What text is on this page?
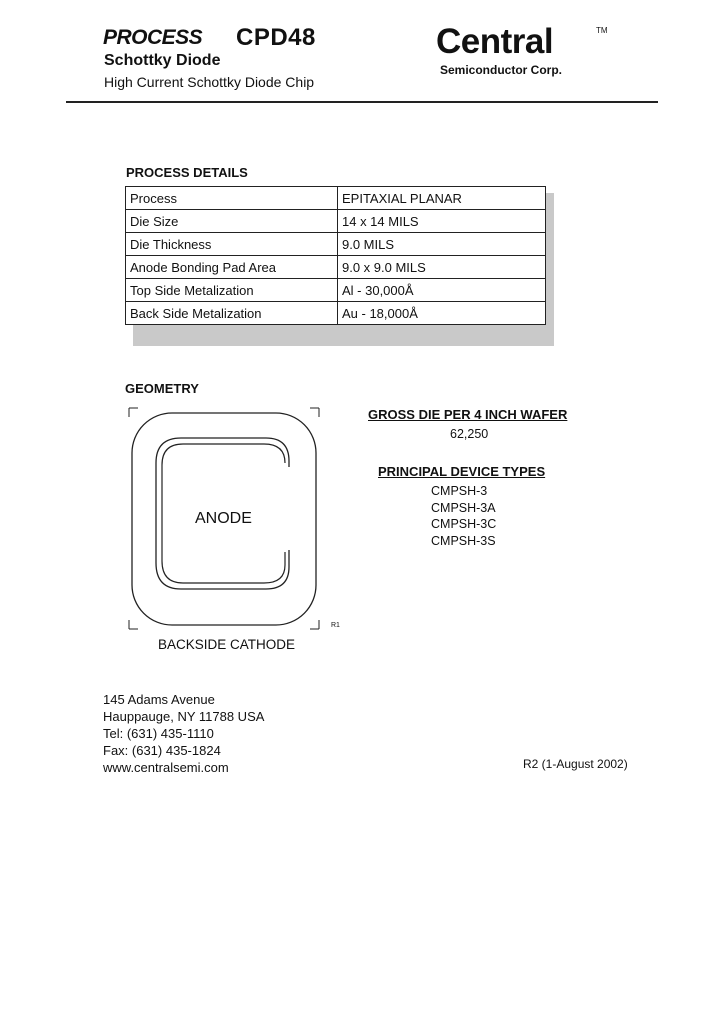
PROCESS CPD48
Schottky Diode
High Current Schottky Diode Chip
Central	TM
Semiconductor Corp.
PROCESS DETAILS
Process	EPITAXIAL PLANAR
Die Size	14 x 14 MILS
Die Thickness	9.0 MILS
Anode Bonding Pad Area	9.0 x 9.0 MILS
Top Side Metalization	Al - 30,000Å
Back Side Metalization	Au - 18,000Å
GEOMETRY
ANODE
R1
BACKSIDE CATHODE
GROSS DIE PER 4 INCH WAFER
62,250
PRINCIPAL DEVICE TYPES
CMPSH-3
CMPSH-3A
CMPSH-3C
CMPSH-3S
145 Adams Avenue
Hauppauge, NY 11788 USA
Tel: (631) 435-1110
Fax: (631) 435-1824
www.centralsemi.com	R2 (1-August 2002)
